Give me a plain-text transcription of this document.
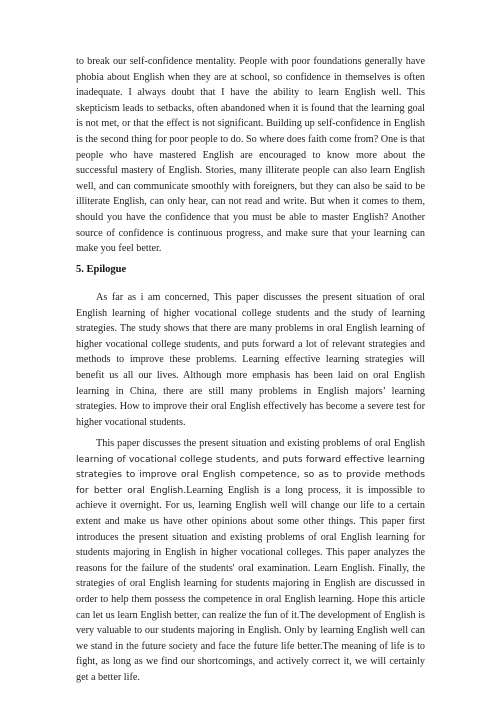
to break our self-confidence mentality. People with poor foundations generally have phobia about English when they are at school, so confidence in themselves is often inadequate. I always doubt that I have the ability to learn English well. This skepticism leads to setbacks, often abandoned when it is found that the learning goal is not met, or that the effect is not significant. Building up self-confidence in English is the second thing for poor people to do. So where does faith come from? One is that people who have mastered English are encouraged to know more about the successful mastery of English. Stories, many illiterate people can also learn English well, and can communicate smoothly with foreigners, but they can also be said to be illiterate English, can only hear, can not read and write. But when it comes to them, should you have the confidence that you must be able to master English? Another source of confidence is continuous progress, and make sure that your learning can make you feel better.

5. Epilogue

As far as i am concerned, This paper discusses the present situation of oral English learning of higher vocational college students and the study of learning strategies. The study shows that there are many problems in oral English learning of higher vocational college students, and puts forward a lot of relevant strategies and methods to improve these problems. Learning effective learning strategies will benefit us all our lives. Although more emphasis has been laid on oral English learning in China, there are still many problems in English majors’ learning strategies. How to improve their oral English effectively has become a severe test for higher vocational students.

This paper discusses the present situation and existing problems of oral English learning of vocational college students, and puts forward effective learning strategies to improve oral English competence, so as to provide methods for better oral English.Learning English is a long process, it is impossible to achieve it overnight. For us, learning English well will change our life to a certain extent and make us have other opinions about some other things. This paper first introduces the present situation and existing problems of oral English learning for students majoring in English in higher vocational colleges. This paper analyzes the reasons for the failure of the students' oral examination. Learn English. Finally, the strategies of oral English learning for students majoring in English are discussed in order to help them possess the competence in oral English learning. Hope this article can let us learn English better, can realize the fun of it.The development of English is very valuable to our students majoring in English. Only by learning English well can we stand in the future society and face the future life better.The meaning of life is to fight, as long as we find our shortcomings, and actively correct it, we will certainly get a better life.
